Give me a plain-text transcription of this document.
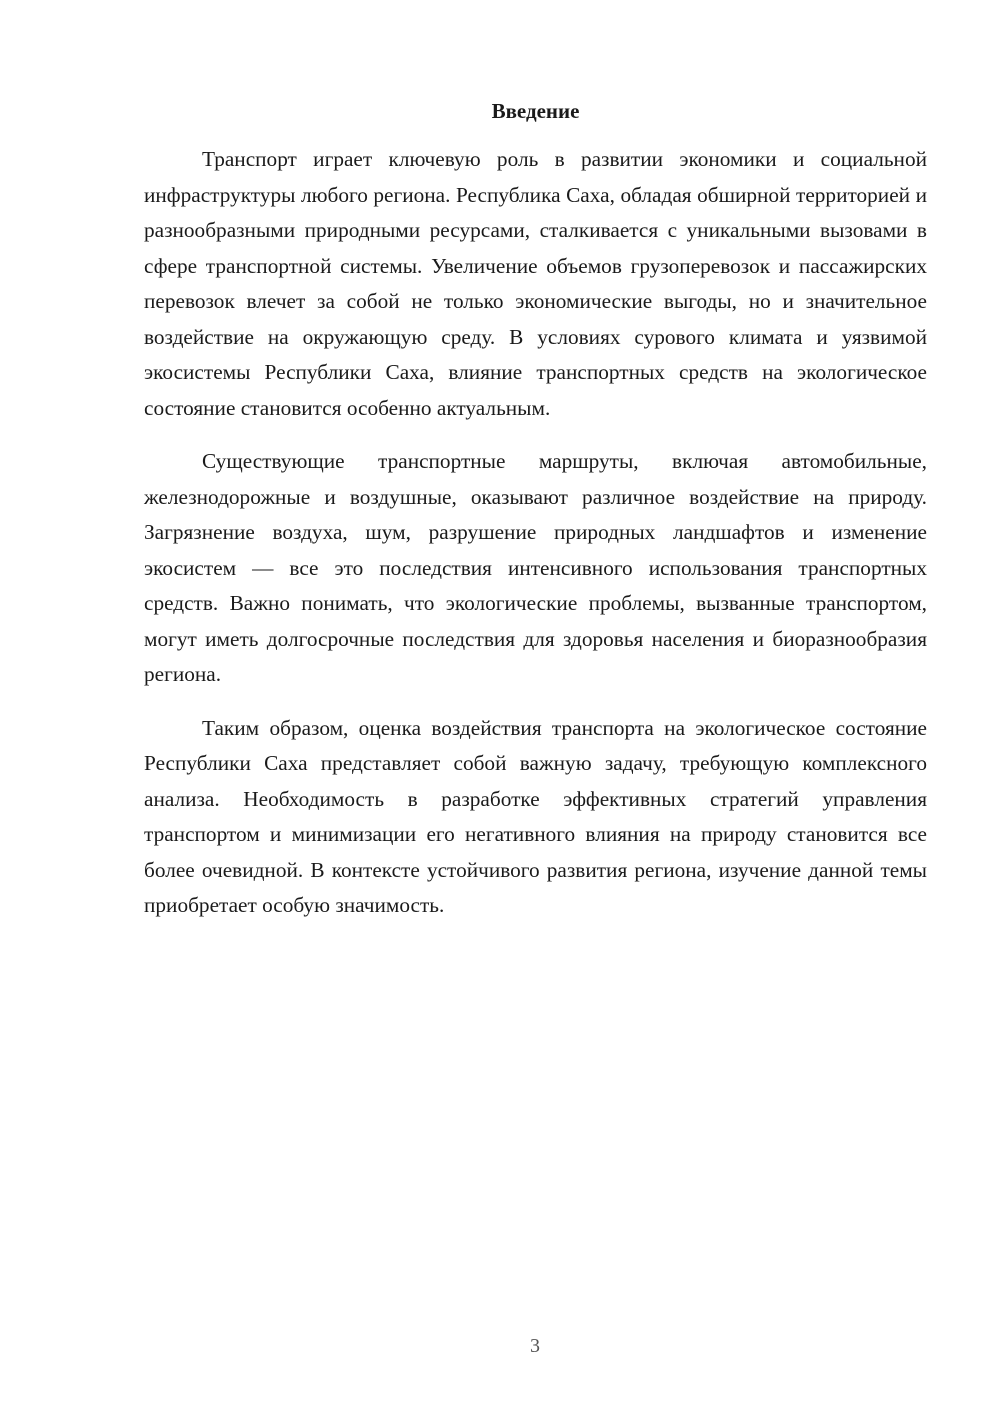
Введение

Транспорт играет ключевую роль в развитии экономики и социальной инфраструктуры любого региона. Республика Саха, обладая обширной территорией и разнообразными природными ресурсами, сталкивается с уникальными вызовами в сфере транспортной системы. Увеличение объемов грузоперевозок и пассажирских перевозок влечет за собой не только экономические выгоды, но и значительное воздействие на окружающую среду. В условиях сурового климата и уязвимой экосистемы Республики Саха, влияние транспортных средств на экологическое состояние становится особенно актуальным.

Существующие транспортные маршруты, включая автомобильные, железнодорожные и воздушные, оказывают различное воздействие на природу. Загрязнение воздуха, шум, разрушение природных ландшафтов и изменение экосистем — все это последствия интенсивного использования транспортных средств. Важно понимать, что экологические проблемы, вызванные транспортом, могут иметь долгосрочные последствия для здоровья населения и биоразнообразия региона.

Таким образом, оценка воздействия транспорта на экологическое состояние Республики Саха представляет собой важную задачу, требующую комплексного анализа. Необходимость в разработке эффективных стратегий управления транспортом и минимизации его негативного влияния на природу становится все более очевидной. В контексте устойчивого развития региона, изучение данной темы приобретает особую значимость.

3
